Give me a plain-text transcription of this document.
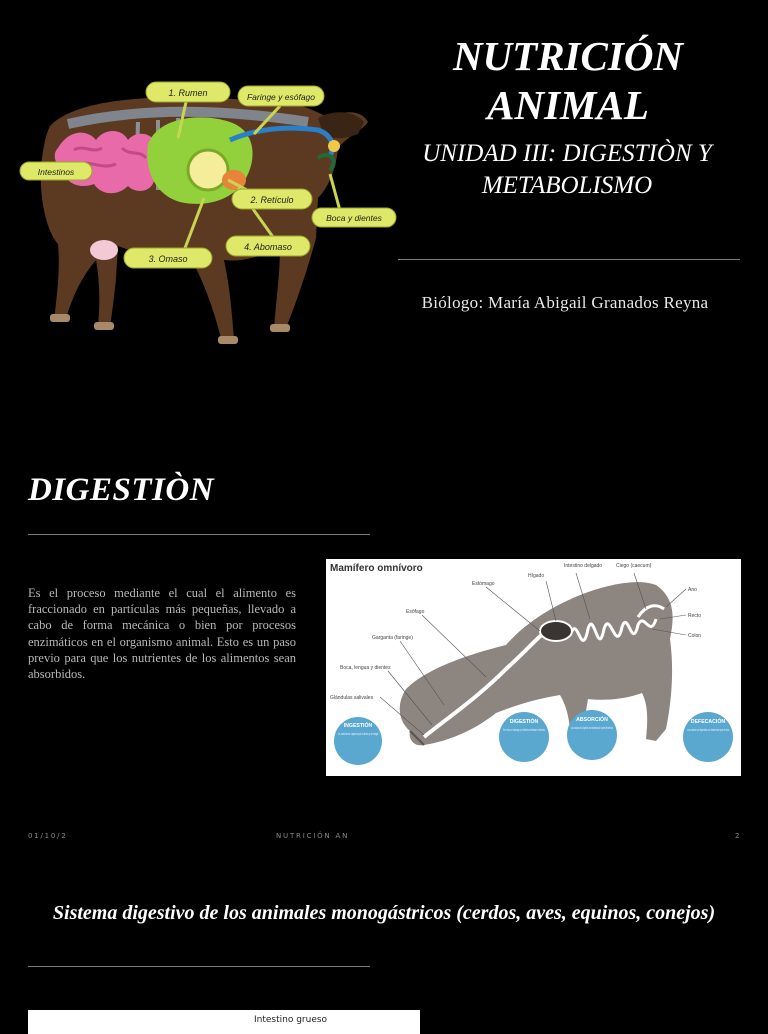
1. Rumen	Faringe y esófago
Intestinos
2. Retículo
Boca y dientes
4. Abomaso
3. Omaso
NUTRICIÓN ANIMAL
UNIDAD III: DIGESTIÒN Y METABOLISMO
Biólogo: María Abigail Granados Reyna
DIGESTIÒN

Es el proceso mediante el cual el alimento es fraccionado en partículas más pequeñas, llevado a cabo de forma mecánica o bien por procesos enzimáticos en el organismo animal. Esto es un paso previo para que los nutrientes de los alimentos sean absorbidos.

Mamífero omnívoro
Hígado
Intestino delgado	Ciego (caecum)
Estómago
Ano
Esófago
Recto
Colon
Garganta (faringe)
Boca, lengua y dientes
Glándulas salivales
INGESTIÓN
DIGESTIÓN	ABSORCIÓN	DEFECACIÓN
La comida se captura por la boca y se traga
En la boca, el estómago y el intestino se deshace el alimento	Los productos de la digestión son absorbidos por la pared del intestino	Los restos no digeridos se desechan por el ano
01/10/2	NUTRICIÓN AN	2
Sistema digestivo de los animales monogástricos (cerdos, aves, equinos, conejos)
Intestino grueso
